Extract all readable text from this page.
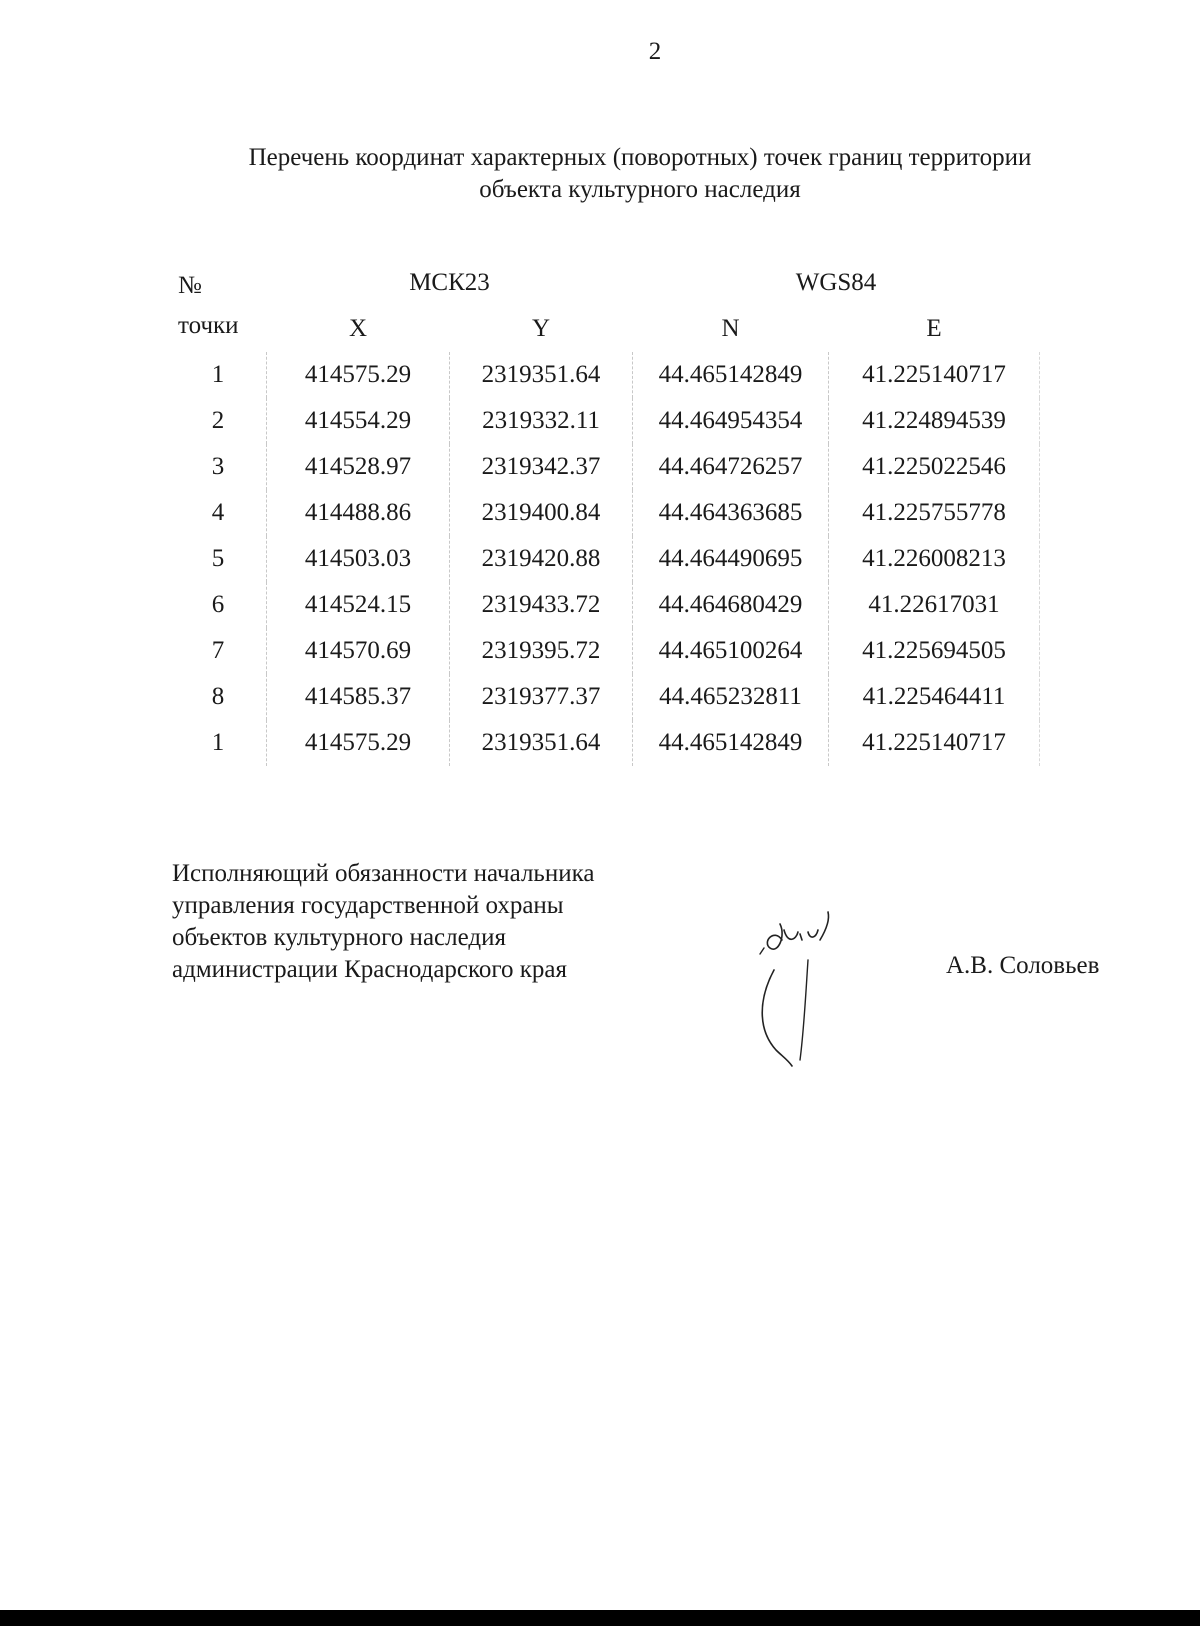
2
Перечень координат характерных (поворотных) точек границ территории
объекта культурного наследия
№
точки	МСК23		WGS84	
	X	Y	N	E
1	414575.29	2319351.64	44.465142849	41.225140717
2	414554.29	2319332.11	44.464954354	41.224894539
3	414528.97	2319342.37	44.464726257	41.225022546
4	414488.86	2319400.84	44.464363685	41.225755778
5	414503.03	2319420.88	44.464490695	41.226008213
6	414524.15	2319433.72	44.464680429	41.22617031
7	414570.69	2319395.72	44.465100264	41.225694505
8	414585.37	2319377.37	44.465232811	41.225464411
1	414575.29	2319351.64	44.465142849	41.225140717
Исполняющий обязанности начальника
управления государственной охраны
объектов культурного наследия
администрации Краснодарского края	А.В. Соловьев
